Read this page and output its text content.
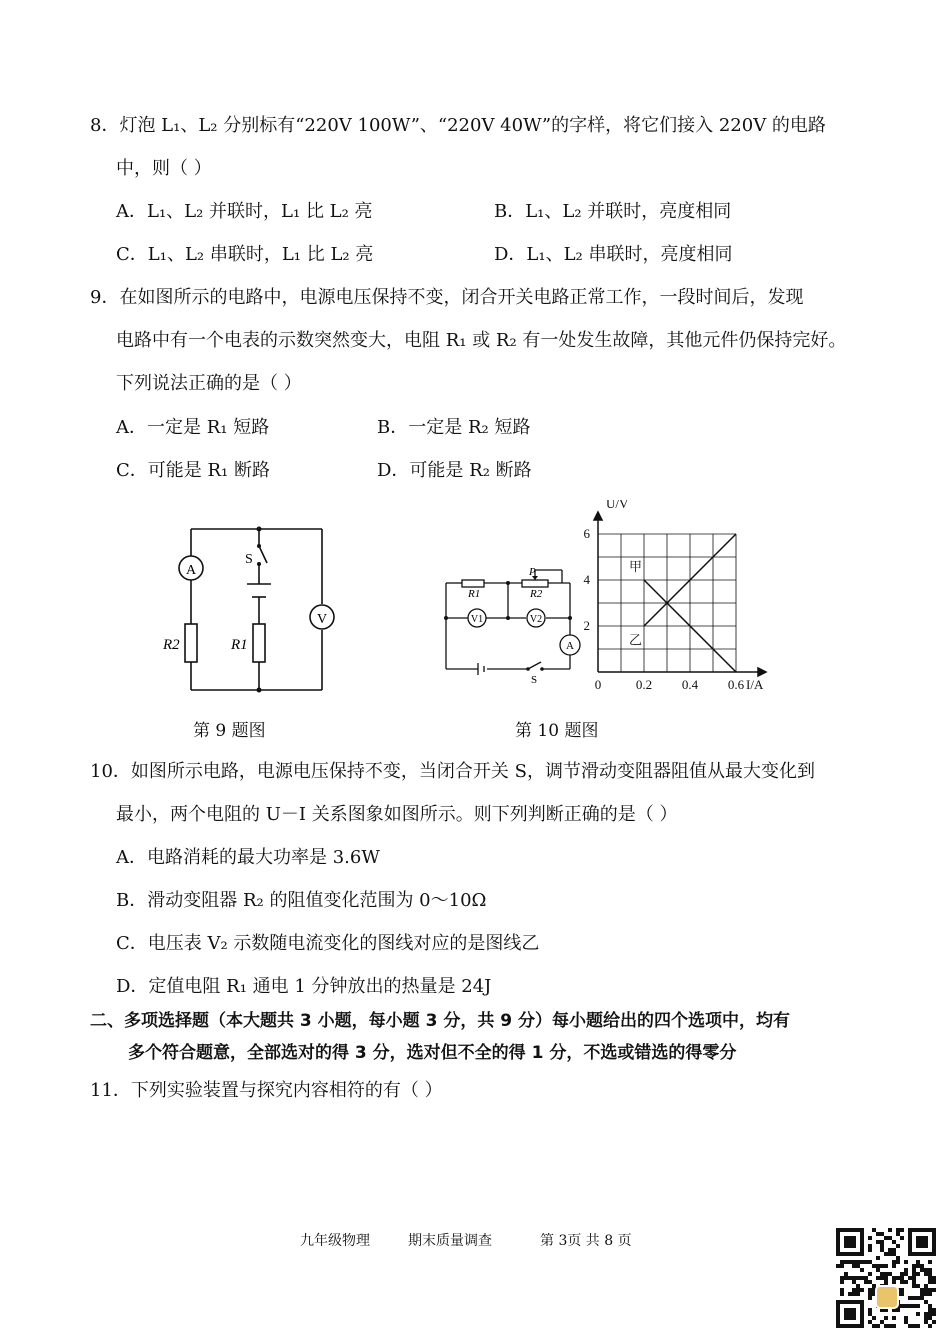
8．灯泡 L₁、L₂ 分别标有“220V 100W”、“220V 40W”的字样，将它们接入 220V 的电路
中，则（ ）
A．L₁、L₂ 并联时，L₁ 比 L₂ 亮	B．L₁、L₂ 并联时，亮度相同
C．L₁、L₂ 串联时，L₁ 比 L₂ 亮	D．L₁、L₂ 串联时，亮度相同
9．在如图所示的电路中，电源电压保持不变，闭合开关电路正常工作，一段时间后，发现
电路中有一个电表的示数突然变大，电阻 R₁ 或 R₂ 有一处发生故障，其他元件仍保持完好。
下列说法正确的是（ ）
A．一定是 R₁ 短路	B．一定是 R₂ 短路
C．可能是 R₁ 断路	D．可能是 R₂ 断路
A
V
S
R2	R1
R1	R2
P
V1	V2
A
S	0	0.2 0.4 0.6
2
4
6
I/A
U/V
甲
乙
第 9 题图	第 10 题图
10．如图所示电路，电源电压保持不变，当闭合开关 S，调节滑动变阻器阻值从最大变化到
最小，两个电阻的 U－I 关系图象如图所示。则下列判断正确的是（ ）
A．电路消耗的最大功率是 3.6W
B．滑动变阻器 R₂ 的阻值变化范围为 0～10Ω
C．电压表 V₂ 示数随电流变化的图线对应的是图线乙
D．定值电阻 R₁ 通电 1 分钟放出的热量是 24J
二、多项选择题（本大题共 3 小题，每小题 3 分，共 9 分）每小题给出的四个选项中，均有
多个符合题意，全部选对的得 3 分，选对但不全的得 1 分，不选或错选的得零分
11．下列实验装置与探究内容相符的有（ ）
九年级物理	期末质量调查	第 3页 共 8 页
